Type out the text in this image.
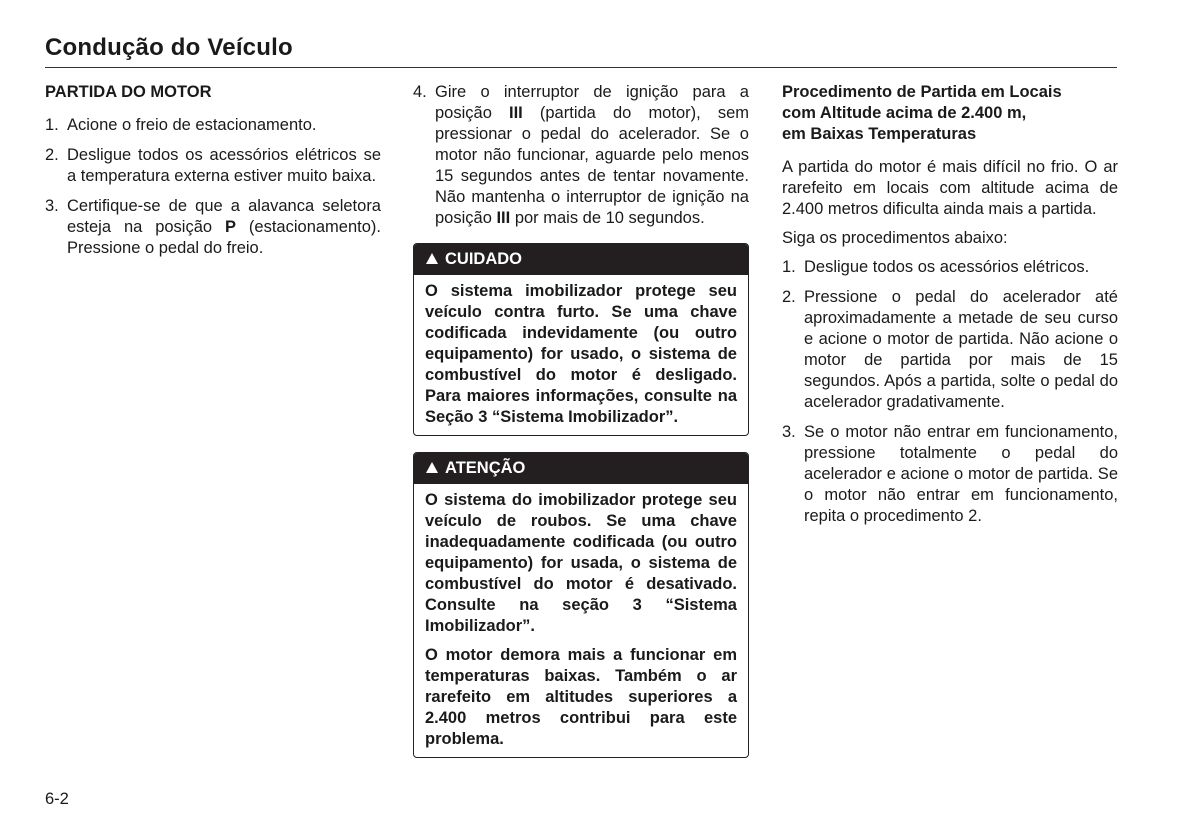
Condução do Veículo
PARTIDA DO MOTOR
1. Acione o freio de estacionamento.
2. Desligue todos os acessórios elétricos se a temperatura externa estiver muito baixa.
3. Certifique-se de que a alavanca seletora esteja na posição P (estacionamento). Pressione o pedal do freio.
4. Gire o interruptor de ignição para a posição III (partida do motor), sem pressionar o pedal do acelerador. Se o motor não funcionar, aguarde pelo menos 15 segundos antes de tentar novamente. Não mantenha o interruptor de ignição na posição III por mais de 10 segundos.
CUIDADO

O sistema imobilizador protege seu veículo contra furto. Se uma chave codificada indevidamente (ou outro equipamento) for usado, o sistema de combustível do motor é desligado. Para maiores informações, consulte na Seção 3 “Sistema Imobilizador”.

ATENÇÃO

O sistema do imobilizador protege seu veículo de roubos. Se uma chave inadequadamente codificada (ou outro equipamento) for usada, o sistema de combustível do motor é desativado. Consulte na seção 3 “Sistema Imobilizador”.

O motor demora mais a funcionar em temperaturas baixas. Também o ar rarefeito em altitudes superiores a 2.400 metros contribui para este problema.

Procedimento de Partida em Locais
com Altitude acima de 2.400 m,
em Baixas Temperaturas

A partida do motor é mais difícil no frio. O ar rarefeito em locais com altitude acima de 2.400 metros dificulta ainda mais a partida.

Siga os procedimentos abaixo:

1. Desligue todos os acessórios elétricos.
2. Pressione o pedal do acelerador até aproximadamente a metade de seu curso e acione o motor de partida. Não acione o motor de partida por mais de 15 segundos. Após a partida, solte o pedal do acelerador gradativamente.
3. Se o motor não entrar em funcionamento, pressione totalmente o pedal do acelerador e acione o motor de partida. Se o motor não entrar em funcionamento, repita o procedimento 2.
6-2
